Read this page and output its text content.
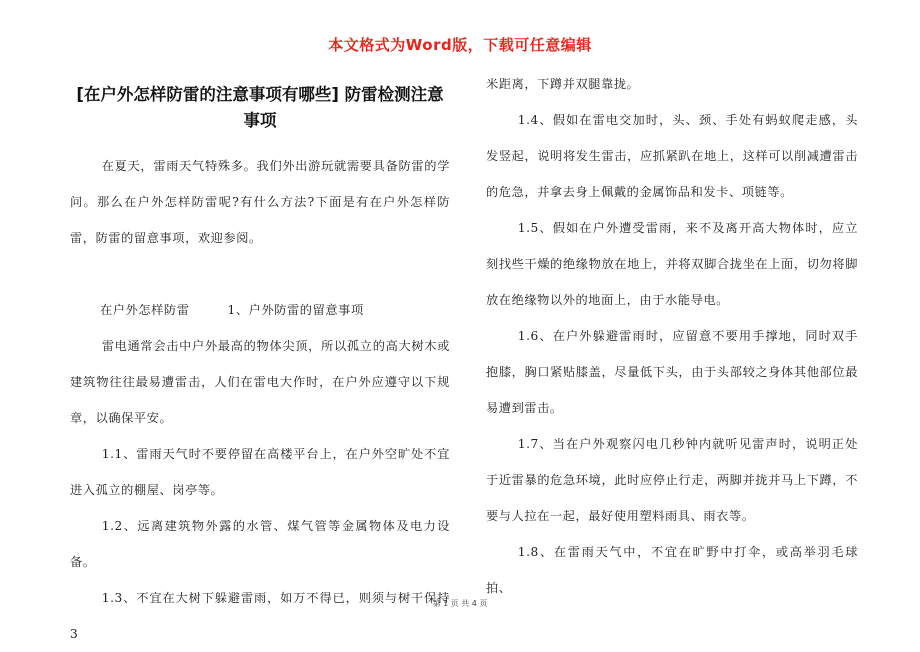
本文格式为Word版，下载可任意编辑
[在户外怎样防雷的注意事项有哪些] 防雷检测注意
事项

在夏天，雷雨天气特殊多。我们外出游玩就需要具备防雷的学问。那么在户外怎样防雷呢?有什么方法?下面是有在户外怎样防雷，防雷的留意事项，欢迎参阅。

在户外怎样防雷	1、户外防雷的留意事项

雷电通常会击中户外最高的物体尖顶，所以孤立的高大树木或建筑物往往最易遭雷击，人们在雷电大作时，在户外应遵守以下规章，以确保平安。

1.1、雷雨天气时不要停留在高楼平台上，在户外空旷处不宜进入孤立的棚屋、岗亭等。

1.2、远离建筑物外露的水管、煤气管等金属物体及电力设备。

1.3、不宜在大树下躲避雷雨，如万不得已，则须与树干保持3

米距离，下蹲并双腿靠拢。

1.4、假如在雷电交加时，头、颈、手处有蚂蚁爬走感，头发竖起，说明将发生雷击，应抓紧趴在地上，这样可以削减遭雷击的危急，并拿去身上佩戴的金属饰品和发卡、项链等。

1.5、假如在户外遭受雷雨，来不及离开高大物体时，应立刻找些干燥的绝缘物放在地上，并将双脚合拢坐在上面，切勿将脚放在绝缘物以外的地面上，由于水能导电。

1.6、在户外躲避雷雨时，应留意不要用手撑地，同时双手抱膝，胸口紧贴膝盖，尽量低下头，由于头部较之身体其他部位最易遭到雷击。

1.7、当在户外观察闪电几秒钟内就听见雷声时，说明正处于近雷暴的危急环境，此时应停止行走，两脚并拢并马上下蹲，不要与人拉在一起，最好使用塑料雨具、雨衣等。

1.8、在雷雨天气中，不宜在旷野中打伞，或高举羽毛球拍、

第 1 页 共 4 页
